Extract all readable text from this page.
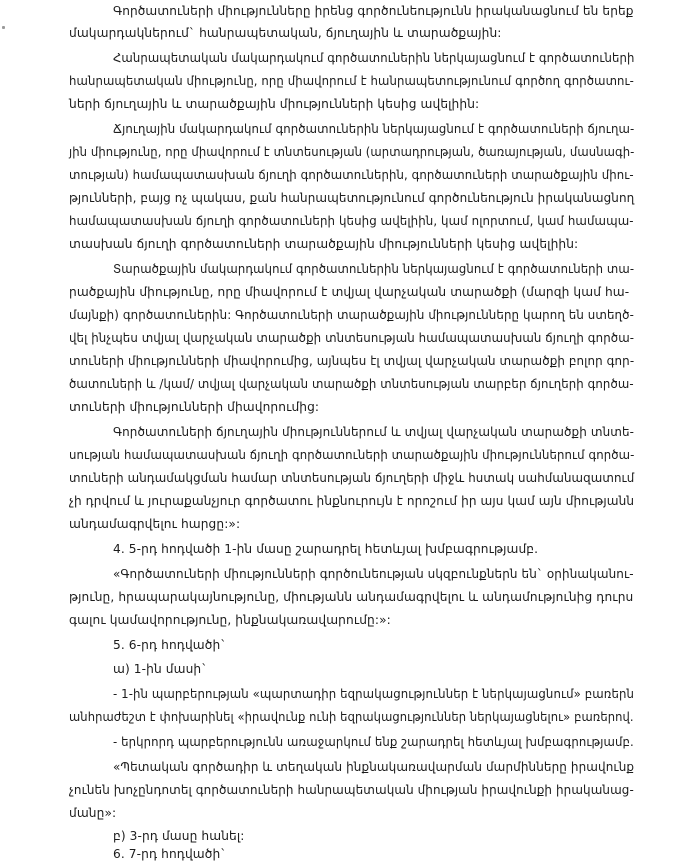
Գործատուների միությունները իրենց գործունեությունն իրականացնում են երեք
մակարդակներում` հանրապետական, ճյուղային և տարածքային:
Հանրապետական մակարդակում գործատուներին ներկայացնում է գործատուների
հանրապետական միությունը, որը միավորում է հանրապետությունում գործող գործատու-
ների ճյուղային և տարածքային միությունների կեսից ավելիին:
Ճյուղային մակարդակում գործատուներին ներկայացնում է գործատուների ճյուղա-
յին միությունը, որը միավորում է տնտեսության (արտադրության, ծառայության, մասնագի-
տության) համապատասխան ճյուղի գործատուներին, գործատուների տարածքային միու-
թյունների, բայց ոչ պակաս, քան հանրապետությունում գործունեություն իրականացնող
համապատասխան ճյուղի գործատուների կեսից ավելիին, կամ ոլորտում, կամ համապա-
տասխան ճյուղի գործատուների տարածքային միությունների կեսից ավելիին:
Տարածքային մակարդակում գործատուներին ներկայացնում է գործատուների տա-
րածքային միությունը, որը միավորում է տվյալ վարչական տարածքի (մարզի կամ հա-
մայնքի) գործատուներին: Գործատուների տարածքային միությունները կարող են ստեղծ-
վել ինչպես տվյալ վարչական տարածքի տնտեսության համապատասխան ճյուղի գործա-
տուների միությունների միավորումից, այնպես էլ տվյալ վարչական տարածքի բոլոր գոր-
ծատուների և /կամ/ տվյալ վարչական տարածքի տնտեսության տարբեր ճյուղերի գործա-
տուների միությունների միավորումից:
Գործատուների ճյուղային միություններում և տվյալ վարչական տարածքի տնտե-
սության համապատասխան ճյուղի գործատուների տարածքային միություններում գործա-
տուների անդամակցման համար տնտեսության ճյուղերի միջև հստակ սահմանազատում
չի դրվում և յուրաքանչյուր գործատու ինքնուրույն է որոշում իր այս կամ այն միությանն
անդամագրվելու հարցը:»:
4. 5-րդ հոդվածի 1-ին մասը շարադրել հետևյալ խմբագրությամբ.
«Գործատուների միությունների գործունեության սկզբունքներն են` օրինականու-
թյունը, հրապարակայնությունը, միությանն անդամագրվելու և անդամությունից դուրս
գալու կամավորությունը, ինքնակառավարումը:»:
5. 6-րդ հոդվածի`
ա) 1-ին մասի`
- 1-ին պարբերության «պարտադիր եզրակացություններ է ներկայացնում» բառերն
անհրաժեշտ է փոխարինել «իրավունք ունի եզրակացություններ ներկայացնելու» բառերով.
- երկրորդ պարբերությունն առաջարկում ենք շարադրել հետևյալ խմբագրությամբ.
«Պետական գործադիր և տեղական ինքնակառավարման մարմինները իրավունք
չունեն խոչընդոտել գործատուների հանրապետական միության իրավունքի իրականաց-
մանը»:
բ) 3-րդ մասը հանել:
6. 7-րդ հոդվածի`
